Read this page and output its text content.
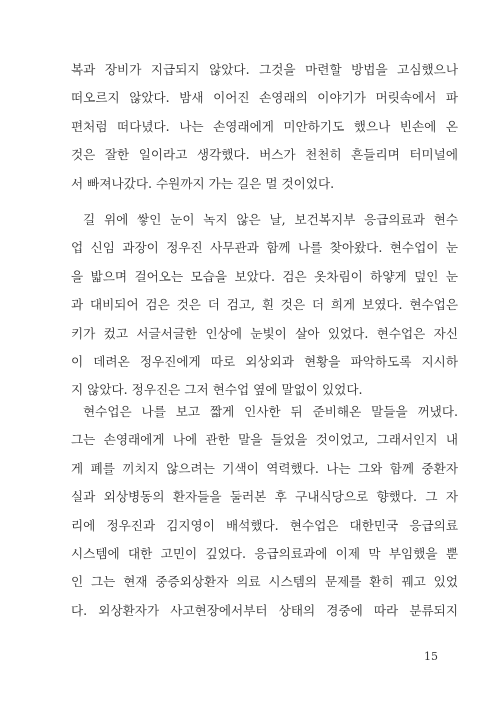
복과 장비가 지급되지 않았다. 그것을 마련할 방법을 고심했으나
떠오르지 않았다. 밤새 이어진 손영래의 이야기가 머릿속에서 파
편처럼 떠다녔다. 나는 손영래에게 미안하기도 했으나 빈손에 온
것은 잘한 일이라고 생각했다. 버스가 천천히 흔들리며 터미널에
서 빠져나갔다. 수원까지 가는 길은 멀 것이었다.
길 위에 쌓인 눈이 녹지 않은 날, 보건복지부 응급의료과 현수
업 신임 과장이 정우진 사무관과 함께 나를 찾아왔다. 현수업이 눈
을 밟으며 걸어오는 모습을 보았다. 검은 옷차림이 하얗게 덮인 눈
과 대비되어 검은 것은 더 검고, 흰 것은 더 희게 보였다. 현수업은
키가 컸고 서글서글한 인상에 눈빛이 살아 있었다. 현수업은 자신
이 데려온 정우진에게 따로 외상외과 현황을 파악하도록 지시하
지 않았다. 정우진은 그저 현수업 옆에 말없이 있었다.
현수업은 나를 보고 짧게 인사한 뒤 준비해온 말들을 꺼냈다.
그는 손영래에게 나에 관한 말을 들었을 것이었고, 그래서인지 내
게 폐를 끼치지 않으려는 기색이 역력했다. 나는 그와 함께 중환자
실과 외상병동의 환자들을 둘러본 후 구내식당으로 향했다. 그 자
리에 정우진과 김지영이 배석했다. 현수업은 대한민국 응급의료
시스템에 대한 고민이 깊었다. 응급의료과에 이제 막 부임했을 뿐
인 그는 현재 중증외상환자 의료 시스템의 문제를 환히 꿰고 있었
다. 외상환자가 사고현장에서부터 상태의 경중에 따라 분류되지
15
